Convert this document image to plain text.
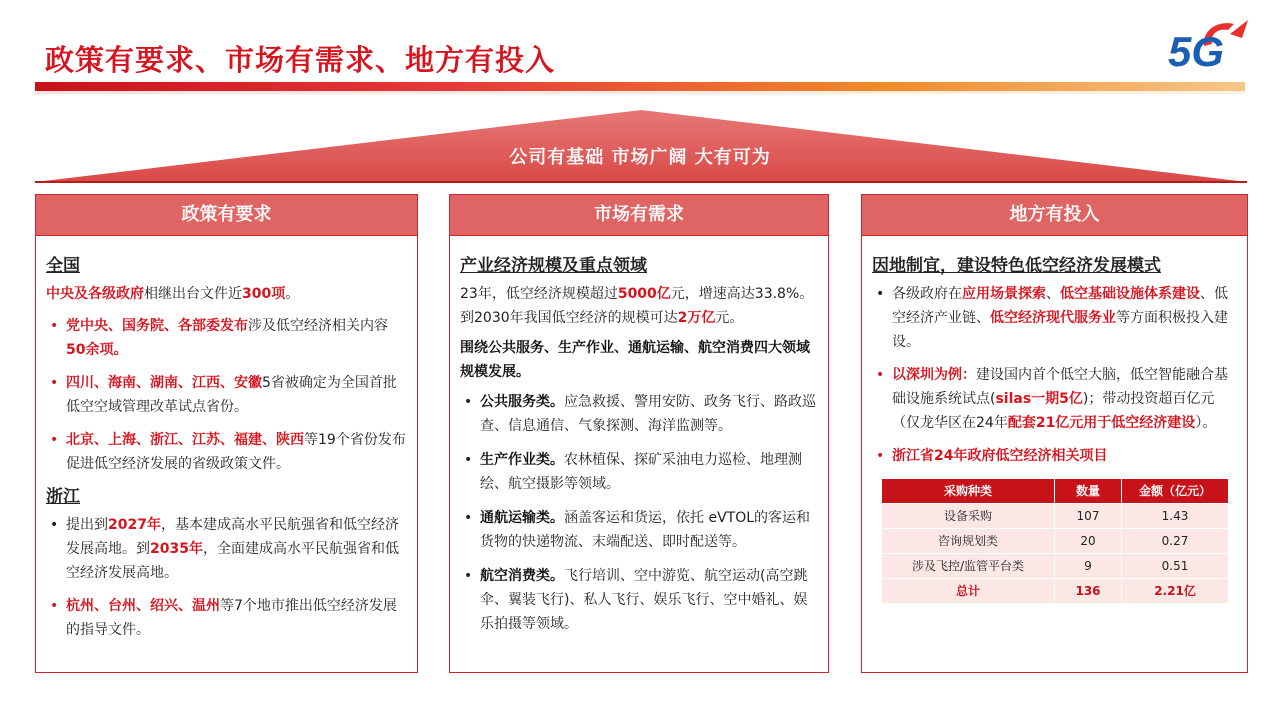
政策有要求、市场有需求、地方有投入	5G
公司有基础 市场广阔 大有可为
政策有要求
全国
中央及各级政府相继出台文件近300项。
• 党中央、国务院、各部委发布涉及低空经济相关内容50余项。
• 四川、海南、湖南、江西、安徽5省被确定为全国首批低空空域管理改革试点省份。
• 北京、上海、浙江、江苏、福建、陕西等19个省份发布促进低空经济发展的省级政策文件。
浙江
• 提出到2027年，基本建成高水平民航强省和低空经济发展高地。到2035年，全面建成高水平民航强省和低空经济发展高地。
• 杭州、台州、绍兴、温州等7个地市推出低空经济发展的指导文件。
市场有需求
产业经济规模及重点领域
23年，低空经济规模超过5000亿元，增速高达33.8%。到2030年我国低空经济的规模可达2万亿元。
围绕公共服务、生产作业、通航运输、航空消费四大领域规模发展。
• 公共服务类。应急救援、警用安防、政务飞行、路政巡查、信息通信、气象探测、海洋监测等。
• 生产作业类。农林植保、探矿采油电力巡检、地理测绘、航空摄影等领域。
• 通航运输类。涵盖客运和货运，依托 eVTOL的客运和货物的快递物流、末端配送、即时配送等。
• 航空消费类。飞行培训、空中游览、航空运动(高空跳伞、翼装飞行)、私人飞行、娱乐飞行、空中婚礼、娱乐拍摄等领域。
地方有投入
因地制宜，建设特色低空经济发展模式
• 各级政府在应用场景探索、低空基础设施体系建设、低空经济产业链、低空经济现代服务业等方面积极投入建设。
• 以深圳为例：建设国内首个低空大脑，低空智能融合基础设施系统试点(silas一期5亿)；带动投资超百亿元（仅龙华区在24年配套21亿元用于低空经济建设）。
• 浙江省24年政府低空经济相关项目
采购种类	数量	金额（亿元）
设备采购	107	1.43
咨询规划类	20	0.27
涉及飞控/监管平台类	9	0.51
总计	136	2.21亿
